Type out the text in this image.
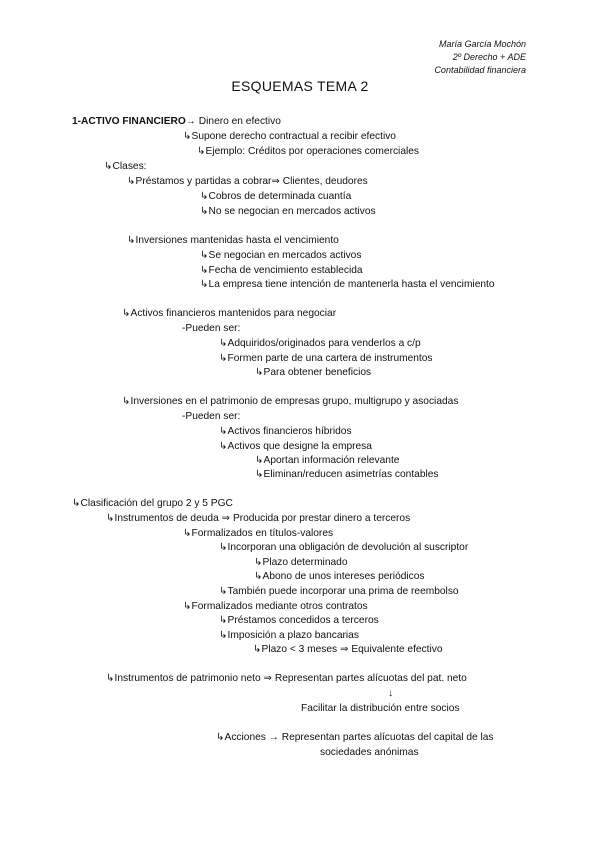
María García Mochón
2º Derecho + ADE
Contabilidad financiera
ESQUEMAS TEMA 2
1-ACTIVO FINANCIERO→ Dinero en efectivo
↳Supone derecho contractual a recibir efectivo
↳Ejemplo: Créditos por operaciones comerciales
↳Clases:
↳Préstamos y partidas a cobrar⇒ Clientes, deudores
↳Cobros de determinada cuantía
↳No se negocian en mercados activos
↳Inversiones mantenidas hasta el vencimiento
↳Se negocian en mercados activos
↳Fecha de vencimiento establecida
↳La empresa tiene intención de mantenerla hasta el vencimiento
↳Activos financieros mantenidos para negociar
-Pueden ser:
↳Adquiridos/originados para venderlos a c/p
↳Formen parte de una cartera de instrumentos
↳Para obtener beneficios
↳Inversiones en el patrimonio de empresas grupo, multigrupo y asociadas
-Pueden ser:
↳Activos financieros híbridos
↳Activos que designe la empresa
↳Aportan información relevante
↳Eliminan/reducen asimetrías contables
↳Clasificación del grupo 2 y 5 PGC
↳Instrumentos de deuda ⇒ Producida por prestar dinero a terceros
↳Formalizados en títulos-valores
↳Incorporan una obligación de devolución al suscriptor
↳Plazo determinado
↳Abono de unos intereses periódicos
↳También puede incorporar una prima de reembolso
↳Formalizados mediante otros contratos
↳Préstamos concedidos a terceros
↳Imposición a plazo bancarias
↳Plazo < 3 meses ⇒ Equivalente efectivo
↳Instrumentos de patrimonio neto ⇒ Representan partes alícuotas del pat. neto
↓
Facilitar la distribución entre socios
↳Acciones → Representan partes alícuotas del capital de las
sociedades anónimas
